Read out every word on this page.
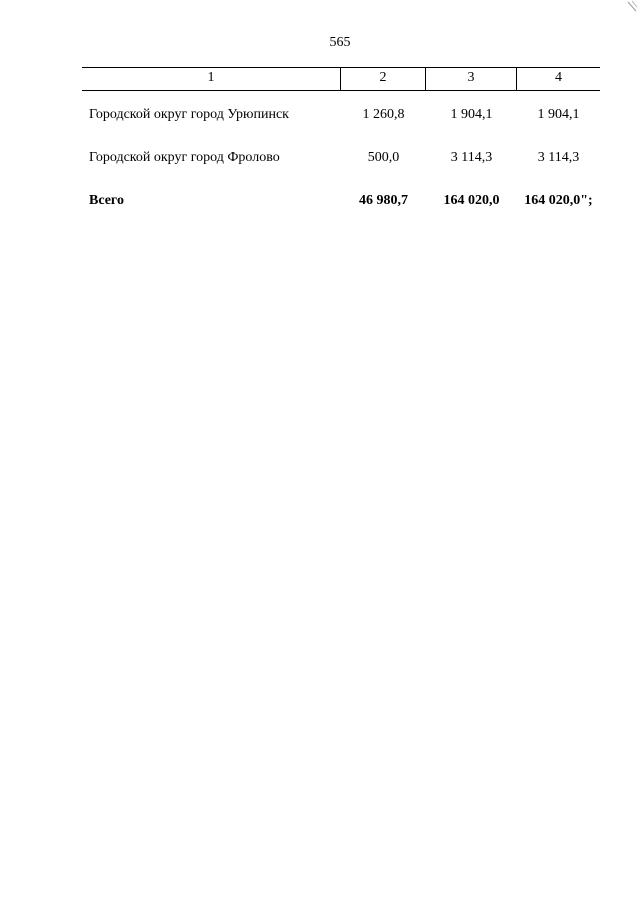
565
1	2	3	4
Городской округ город Урюпинск	1 260,8	1 904,1	1 904,1
Городской округ город Фролово	500,0	3 114,3	3 114,3
Всего	46 980,7	164 020,0	164 020,0";
